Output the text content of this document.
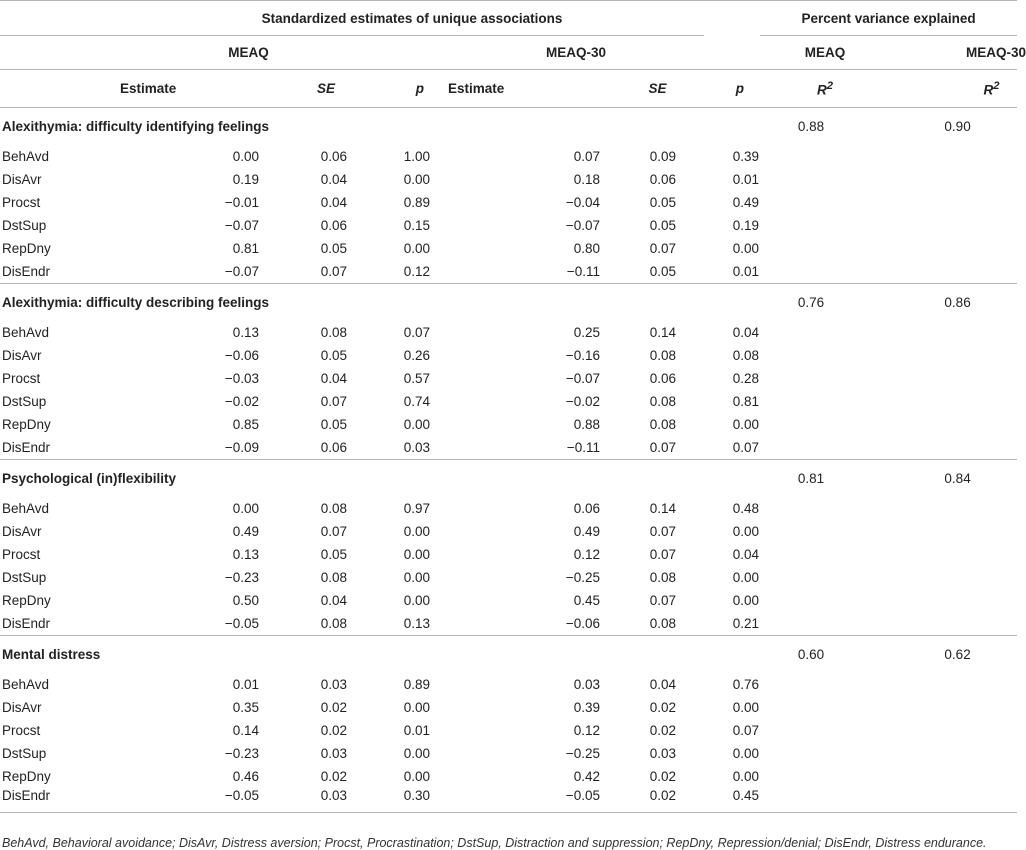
	Standardized estimates of unique associations								Percent variance explained			
	MEAQ				MEAQ-30				MEAQ			MEAQ-30
	Estimate		SE	p	Estimate		SE	p	$R^2$			$R^2$
Alexithymia: difficulty identifying feelings									0.88		0.90	
BehAvd		0.00	0.06	1.00		0.07	0.09	0.39				
DisAvr		0.19	0.04	0.00		0.18	0.06	0.01				
Procst		−0.01	0.04	0.89		−0.04	0.05	0.49				
DstSup		−0.07	0.06	0.15		−0.07	0.05	0.19				
RepDny		0.81	0.05	0.00		0.80	0.07	0.00				
DisEndr		−0.07	0.07	0.12		−0.11	0.05	0.01				
Alexithymia: difficulty describing feelings									0.76		0.86	
BehAvd		0.13	0.08	0.07		0.25	0.14	0.04				
DisAvr		−0.06	0.05	0.26		−0.16	0.08	0.08				
Procst		−0.03	0.04	0.57		−0.07	0.06	0.28				
DstSup		−0.02	0.07	0.74		−0.02	0.08	0.81				
RepDny		0.85	0.05	0.00		0.88	0.08	0.00				
DisEndr		−0.09	0.06	0.03		−0.11	0.07	0.07				
Psychological (in)flexibility									0.81		0.84	
BehAvd		0.00	0.08	0.97		0.06	0.14	0.48				
DisAvr		0.49	0.07	0.00		0.49	0.07	0.00				
Procst		0.13	0.05	0.00		0.12	0.07	0.04				
DstSup		−0.23	0.08	0.00		−0.25	0.08	0.00				
RepDny		0.50	0.04	0.00		0.45	0.07	0.00				
DisEndr		−0.05	0.08	0.13		−0.06	0.08	0.21				
Mental distress									0.60		0.62	
BehAvd		0.01	0.03	0.89		0.03	0.04	0.76				
DisAvr		0.35	0.02	0.00		0.39	0.02	0.00				
Procst		0.14	0.02	0.01		0.12	0.02	0.07				
DstSup		−0.23	0.03	0.00		−0.25	0.03	0.00				
RepDny		0.46	0.02	0.00		0.42	0.02	0.00				
DisEndr		−0.05	0.03	0.30		−0.05	0.02	0.45				
BehAvd, Behavioral avoidance; DisAvr, Distress aversion; Procst, Procrastination; DstSup, Distraction and suppression; RepDny, Repression/denial; DisEndr, Distress endurance.
